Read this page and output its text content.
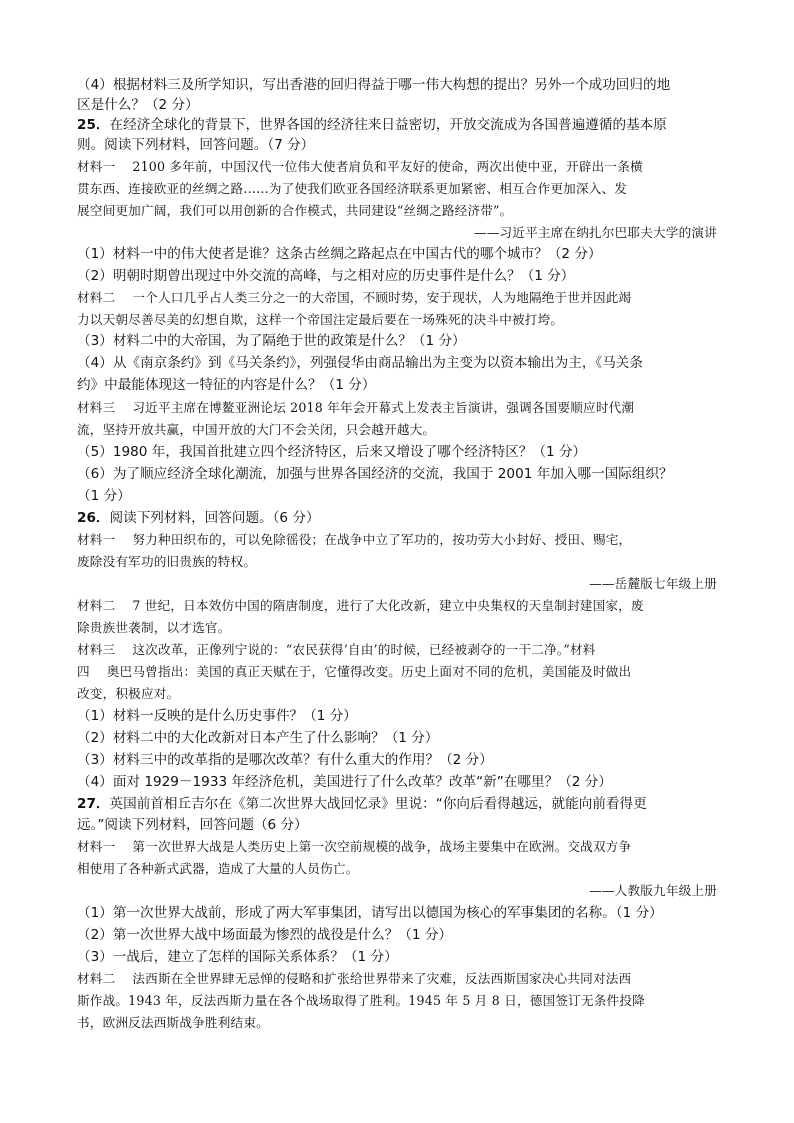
（4）根据材料三及所学知识，写出香港的回归得益于哪一伟大构想的提出？另外一个成功回归的地
区是什么？（2 分）
25．在经济全球化的背景下，世界各国的经济往来日益密切，开放交流成为各国普遍遵循的基本原
则。阅读下列材料，回答问题。（7 分）
材料一　 2100 多年前，中国汉代一位伟大使者肩负和平友好的使命，两次出使中亚，开辟出一条横
贯东西、连接欧亚的丝绸之路……为了使我们欧亚各国经济联系更加紧密、相互合作更加深入、发
展空间更加广阔，我们可以用创新的合作模式，共同建设“丝绸之路经济带”。
——习近平主席在纳扎尔巴耶夫大学的演讲
（1）材料一中的伟大使者是谁？这条古丝绸之路起点在中国古代的哪个城市？（2 分）
（2）明朝时期曾出现过中外交流的高峰，与之相对应的历史事件是什么？（1 分）
材料二　 一个人口几乎占人类三分之一的大帝国，不顾时势，安于现状，人为地隔绝于世并因此竭
力以天朝尽善尽美的幻想自欺，这样一个帝国注定最后要在一场殊死的决斗中被打垮。
（3）材料二中的大帝国，为了隔绝于世的政策是什么？（1 分）
（4）从《南京条约》到《马关条约》，列强侵华由商品输出为主变为以资本输出为主，《马关条
约》中最能体现这一特征的内容是什么？（1 分）
材料三　 习近平主席在博鳌亚洲论坛 2018 年年会开幕式上发表主旨演讲，强调各国要顺应时代潮
流，坚持开放共赢，中国开放的大门不会关闭，只会越开越大。
（5）1980 年，我国首批建立四个经济特区，后来又增设了哪个经济特区？（1 分）
（6）为了顺应经济全球化潮流，加强与世界各国经济的交流，我国于 2001 年加入哪一国际组织？
（1 分）
26．阅读下列材料，回答问题。（6 分）
材料一　 努力种田织布的，可以免除徭役；在战争中立了军功的，按功劳大小封好、授田、赐宅，
废除没有军功的旧贵族的特权。
——岳麓版七年级上册
材料二　 7 世纪，日本效仿中国的隋唐制度，进行了大化改新，建立中央集权的天皇制封建国家，废
除贵族世袭制，以才选官。
材料三　 这次改革，正像列宁说的：“农民获得‘自由’的时候，已经被剥夺的一干二净。”材料
四　 奥巴马曾指出：美国的真正天赋在于，它懂得改变。历史上面对不同的危机，美国能及时做出
改变，积极应对。
（1）材料一反映的是什么历史事件？（1 分）
（2）材料二中的大化改新对日本产生了什么影响？（1 分）
（3）材料三中的改革指的是哪次改革？有什么重大的作用？（2 分）
（4）面对 1929－1933 年经济危机，美国进行了什么改革？改革“新”在哪里？（2 分）
27．英国前首相丘吉尔在《第二次世界大战回忆录》里说：“你向后看得越远，就能向前看得更
远。”阅读下列材料，回答问题（6 分）
材料一　 第一次世界大战是人类历史上第一次空前规模的战争，战场主要集中在欧洲。交战双方争
相使用了各种新式武器，造成了大量的人员伤亡。
——人教版九年级上册
（1）第一次世界大战前，形成了两大军事集团，请写出以德国为核心的军事集团的名称。（1 分）
（2）第一次世界大战中场面最为惨烈的战役是什么？（1 分）
（3）一战后，建立了怎样的国际关系体系？（1 分）
材料二　 法西斯在全世界肆无忌惮的侵略和扩张给世界带来了灾难，反法西斯国家决心共同对法西
斯作战。1943 年，反法西斯力量在各个战场取得了胜利。1945 年 5 月 8 日，德国签订无条件投降
书，欧洲反法西斯战争胜利结束。
